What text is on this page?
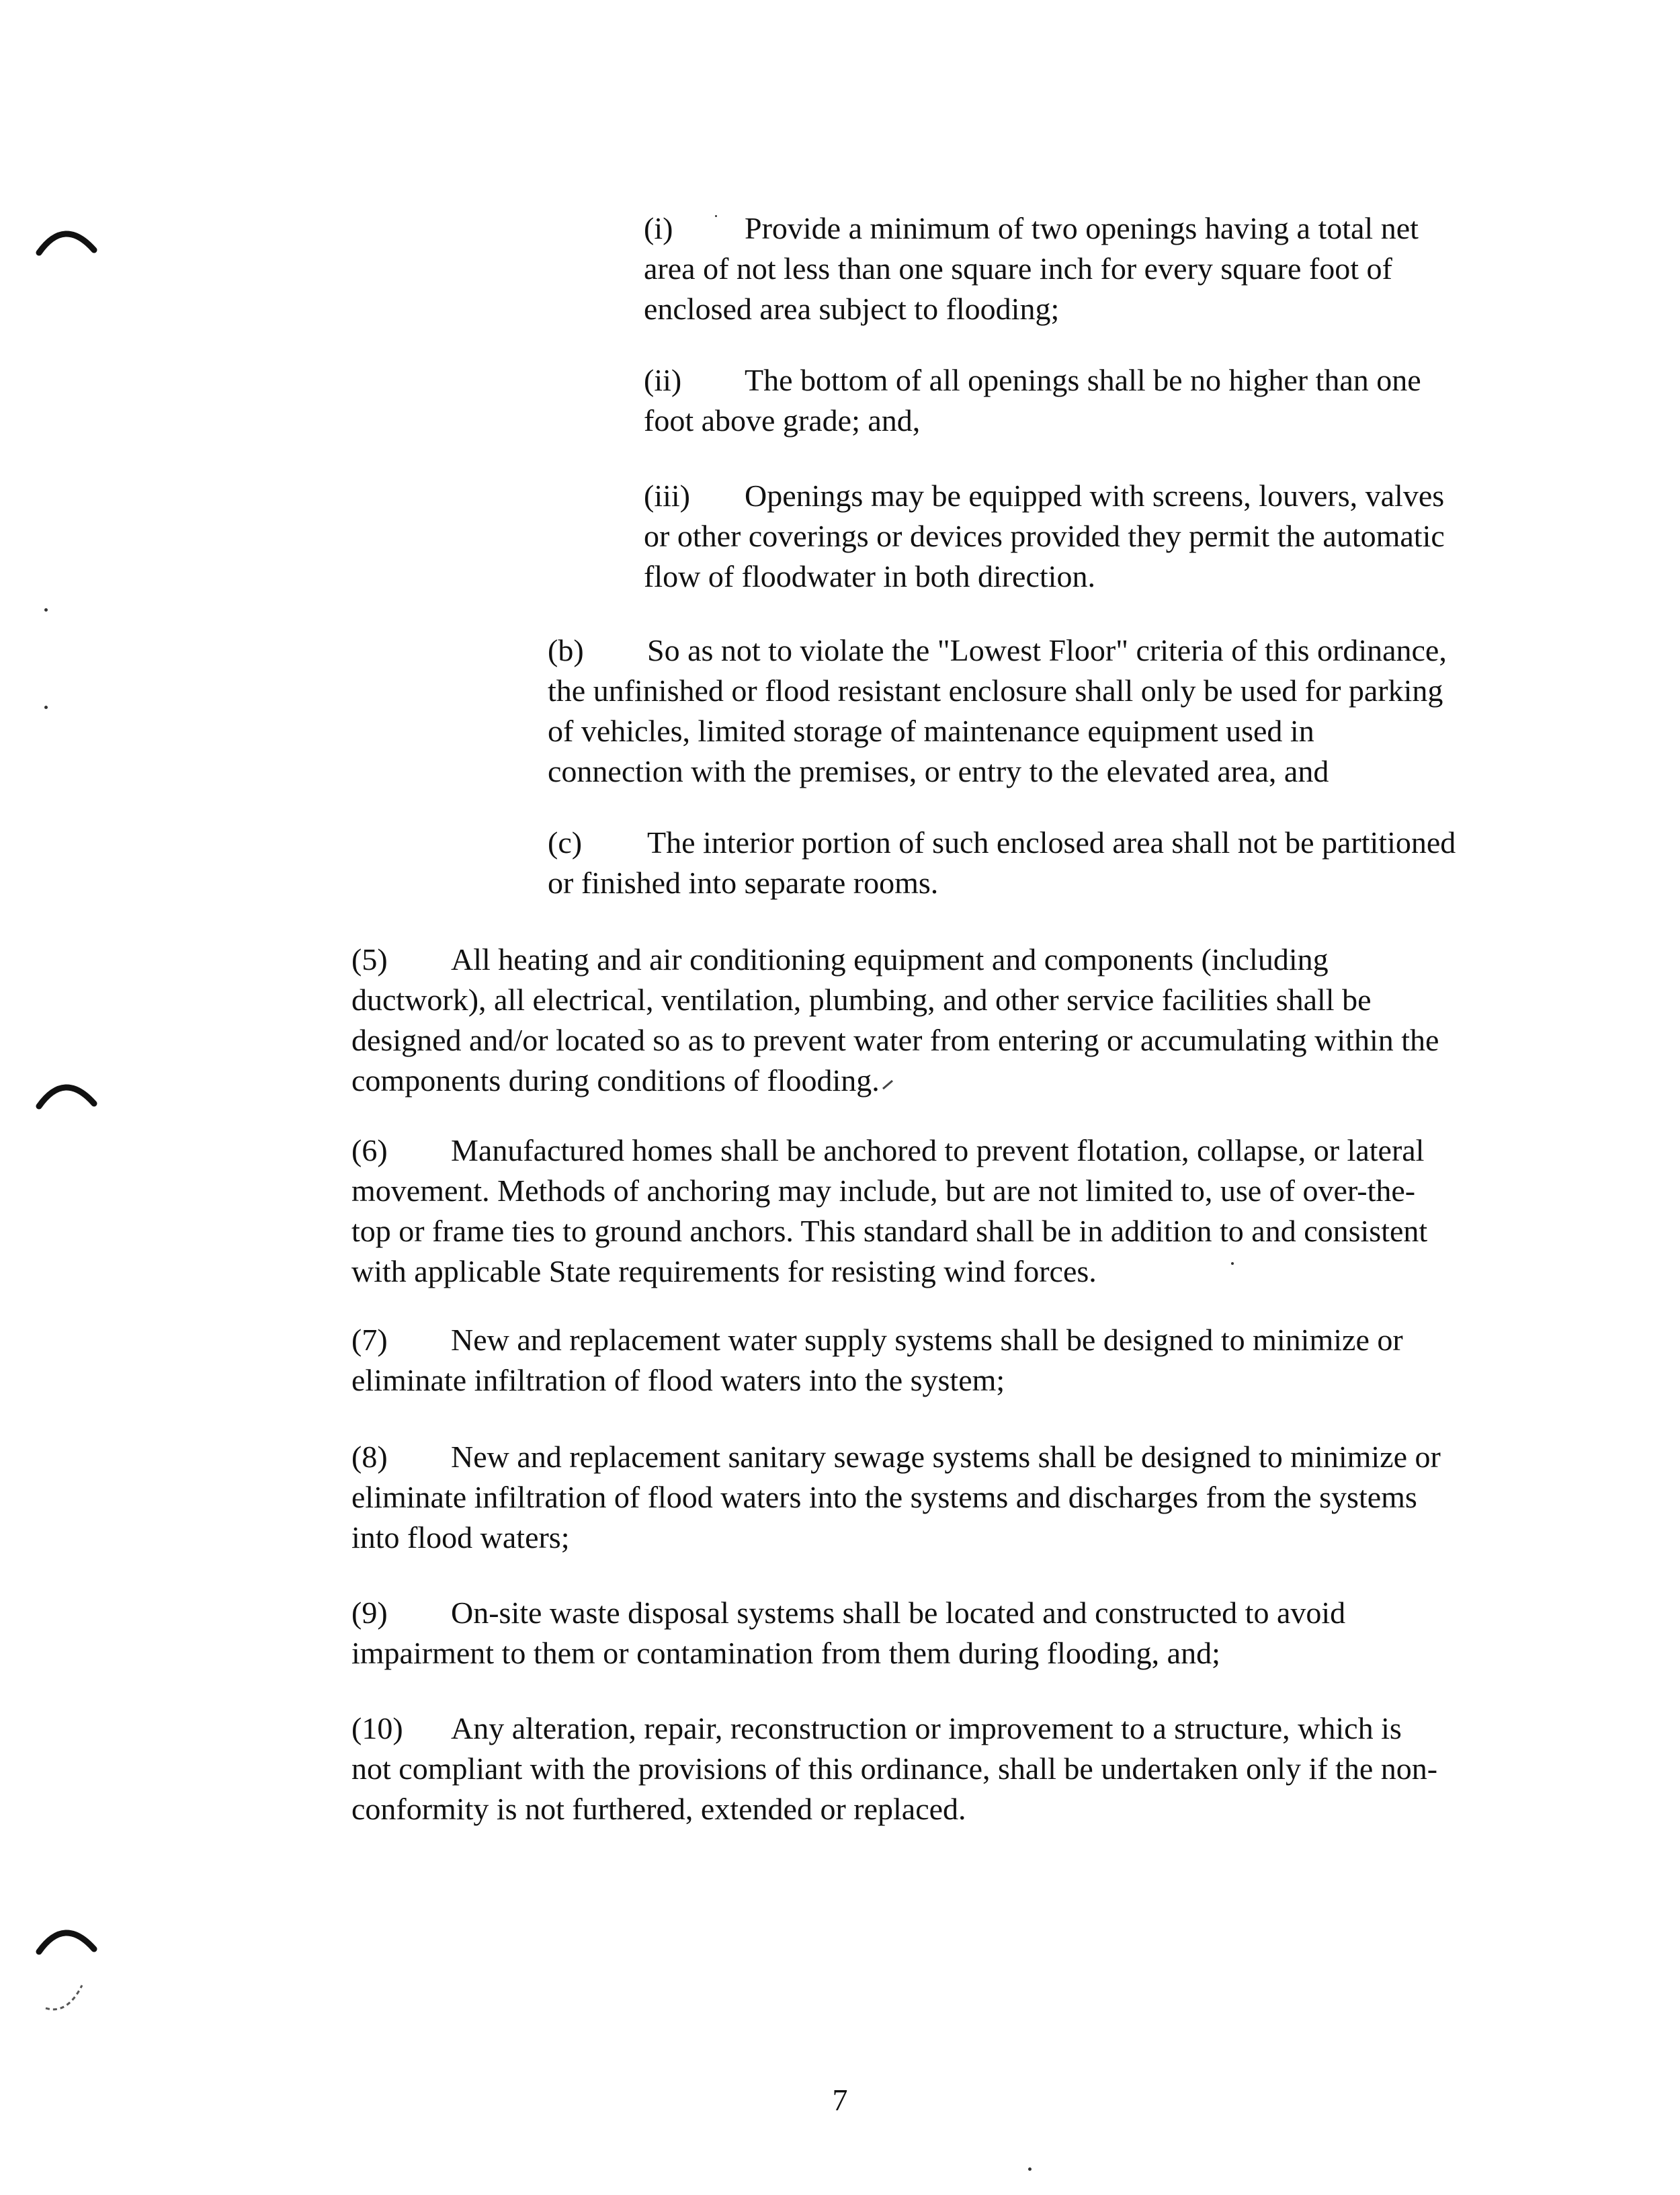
(i) Provide a minimum of two openings having a total net
area of not less than one square inch for every square foot of
enclosed area subject to flooding;
(ii) The bottom of all openings shall be no higher than one
foot above grade; and,
(iii) Openings may be equipped with screens, louvers, valves
or other coverings or devices provided they permit the automatic
flow of floodwater in both direction.
(b) So as not to violate the "Lowest Floor" criteria of this ordinance,
the unfinished or flood resistant enclosure shall only be used for parking
of vehicles, limited storage of maintenance equipment used in
connection with the premises, or entry to the elevated area, and
(c) The interior portion of such enclosed area shall not be partitioned
or finished into separate rooms.
(5) All heating and air conditioning equipment and components (including
ductwork), all electrical, ventilation, plumbing, and other service facilities shall be
designed and/or located so as to prevent water from entering or accumulating within the
components during conditions of flooding.
(6) Manufactured homes shall be anchored to prevent flotation, collapse, or lateral
movement. Methods of anchoring may include, but are not limited to, use of over-the-
top or frame ties to ground anchors. This standard shall be in addition to and consistent
with applicable State requirements for resisting wind forces.
(7) New and replacement water supply systems shall be designed to minimize or
eliminate infiltration of flood waters into the system;
(8) New and replacement sanitary sewage systems shall be designed to minimize or
eliminate infiltration of flood waters into the systems and discharges from the systems
into flood waters;
(9) On-site waste disposal systems shall be located and constructed to avoid
impairment to them or contamination from them during flooding, and;
(10) Any alteration, repair, reconstruction or improvement to a structure, which is
not compliant with the provisions of this ordinance, shall be undertaken only if the non-
conformity is not furthered, extended or replaced.
7
